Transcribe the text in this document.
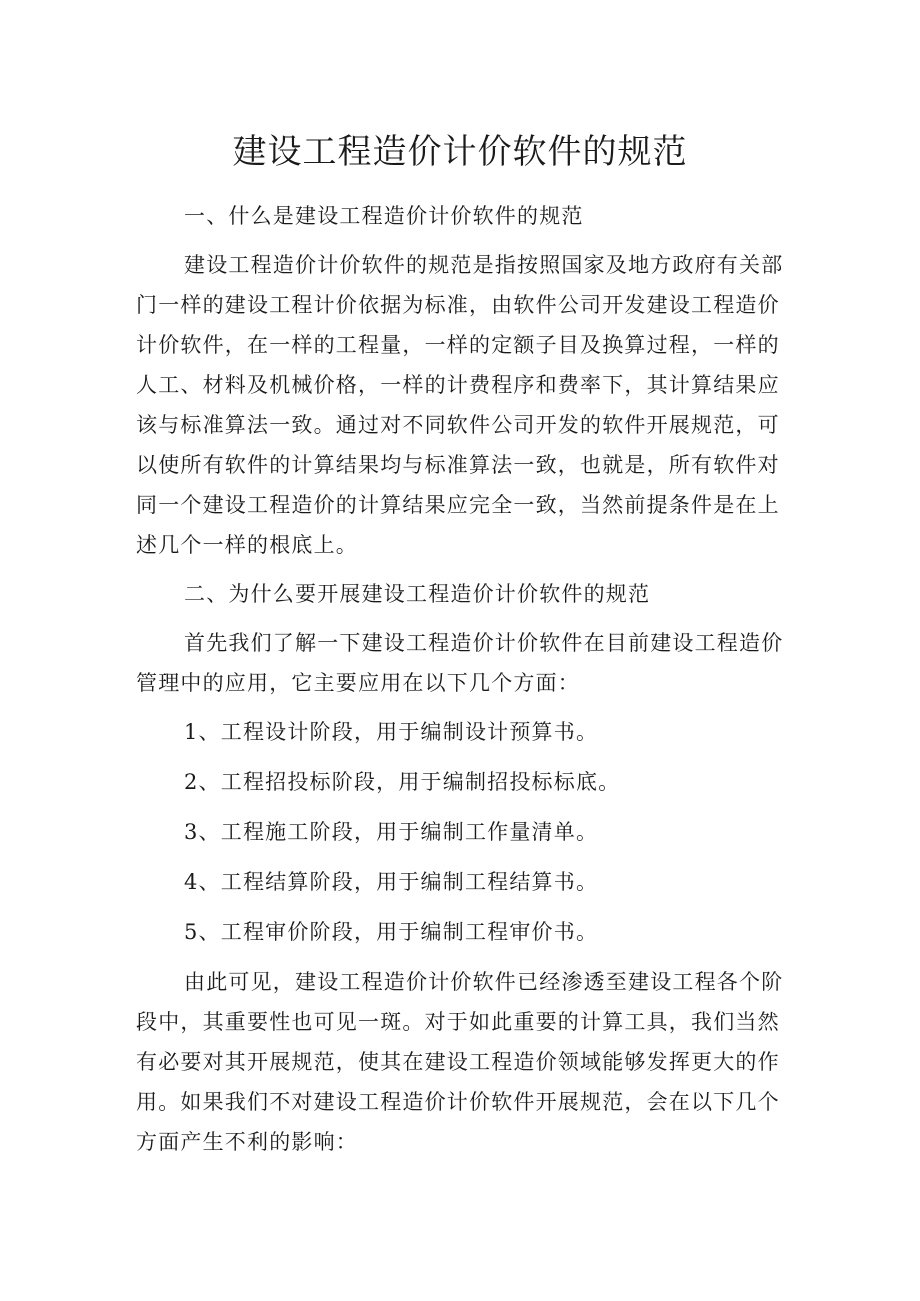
建设工程造价计价软件的规范

一、什么是建设工程造价计价软件的规范

建设工程造价计价软件的规范是指按照国家及地方政府有关部门一样的建设工程计价依据为标准，由软件公司开发建设工程造价计价软件，在一样的工程量，一样的定额子目及换算过程，一样的人工、材料及机械价格，一样的计费程序和费率下，其计算结果应该与标准算法一致。通过对不同软件公司开发的软件开展规范，可以使所有软件的计算结果均与标准算法一致，也就是，所有软件对同一个建设工程造价的计算结果应完全一致，当然前提条件是在上述几个一样的根底上。

二、为什么要开展建设工程造价计价软件的规范

首先我们了解一下建设工程造价计价软件在目前建设工程造价管理中的应用，它主要应用在以下几个方面：

1、工程设计阶段，用于编制设计预算书。

2、工程招投标阶段，用于编制招投标标底。

3、工程施工阶段，用于编制工作量清单。

4、工程结算阶段，用于编制工程结算书。

5、工程审价阶段，用于编制工程审价书。

由此可见，建设工程造价计价软件已经渗透至建设工程各个阶段中，其重要性也可见一斑。对于如此重要的计算工具，我们当然有必要对其开展规范，使其在建设工程造价领域能够发挥更大的作用。如果我们不对建设工程造价计价软件开展规范，会在以下几个方面产生不利的影响：
